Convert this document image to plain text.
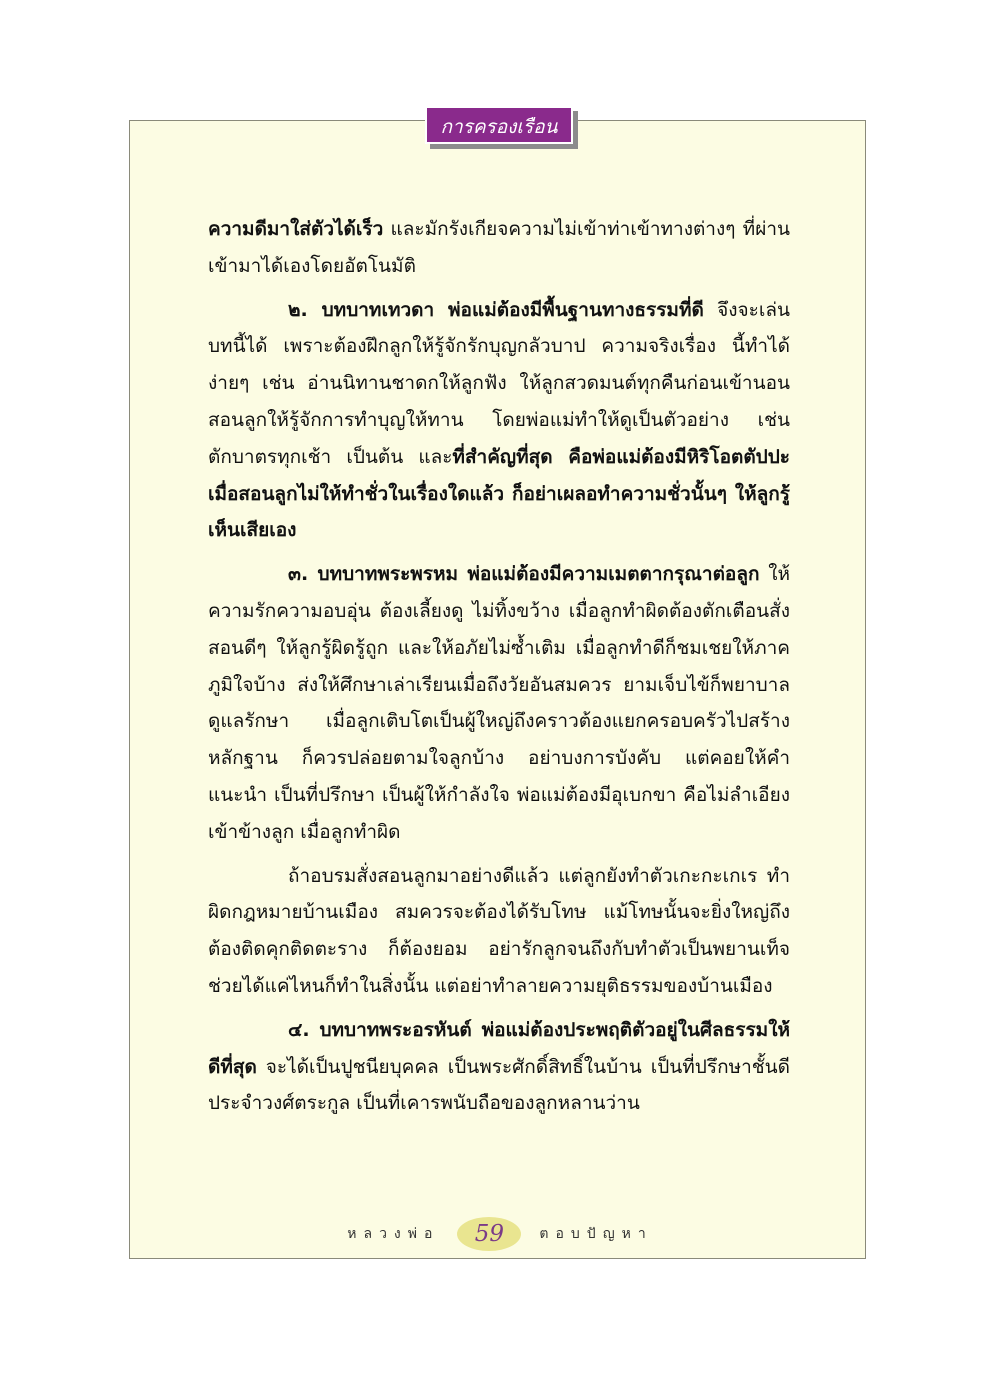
การครองเรือน

ความดีมาใส่ตัวได้เร็ว และมักรังเกียจความไม่เข้าท่าเข้าทางต่างๆ ที่ผ่านเข้ามาได้เองโดยอัตโนมัติ

๒. บทบาทเทวดา พ่อแม่ต้องมีพื้นฐานทางธรรมที่ดี จึงจะเล่นบทนี้ได้ เพราะต้องฝึกลูกให้รู้จักรักบุญกลัวบาป ความจริงเรื่อง นี้ทำได้ง่ายๆ เช่น อ่านนิทานชาดกให้ลูกฟัง ให้ลูกสวดมนต์ทุกคืนก่อนเข้านอน สอนลูกให้รู้จักการทำบุญให้ทาน โดยพ่อแม่ทำให้ดูเป็นตัวอย่าง เช่น ตักบาตรทุกเช้า เป็นต้น และที่สำคัญที่สุด คือพ่อแม่ต้องมีหิริโอตตัปปะ เมื่อสอนลูกไม่ให้ทำชั่วในเรื่องใดแล้ว ก็อย่าเผลอทำความชั่วนั้นๆ ให้ลูกรู้เห็นเสียเอง

๓. บทบาทพระพรหม พ่อแม่ต้องมีความเมตตากรุณาต่อลูก ให้ความรักความอบอุ่น ต้องเลี้ยงดู ไม่ทิ้งขว้าง เมื่อลูกทำผิดต้องตักเตือนสั่งสอนดีๆ ให้ลูกรู้ผิดรู้ถูก และให้อภัยไม่ซ้ำเติม เมื่อลูกทำดีก็ชมเชยให้ภาคภูมิใจบ้าง ส่งให้ศึกษาเล่าเรียนเมื่อถึงวัยอันสมควร ยามเจ็บไข้ก็พยาบาลดูแลรักษา เมื่อลูกเติบโตเป็นผู้ใหญ่ถึงคราวต้องแยกครอบครัวไปสร้างหลักฐาน ก็ควรปล่อยตามใจลูกบ้าง อย่าบงการบังคับ แต่คอยให้คำแนะนำ เป็นที่ปรึกษา เป็นผู้ให้กำลังใจ พ่อแม่ต้องมีอุเบกขา คือไม่ลำเอียงเข้าข้างลูก เมื่อลูกทำผิด

ถ้าอบรมสั่งสอนลูกมาอย่างดีแล้ว แต่ลูกยังทำตัวเกะกะเกเร ทำผิดกฎหมายบ้านเมือง สมควรจะต้องได้รับโทษ แม้โทษนั้นจะยิ่งใหญ่ถึงต้องติดคุกติดตะราง ก็ต้องยอม อย่ารักลูกจนถึงกับทำตัวเป็นพยานเท็จ ช่วยได้แค่ไหนก็ทำในสิ่งนั้น แต่อย่าทำลายความยุติธรรมของบ้านเมือง

๔. บทบาทพระอรหันต์ พ่อแม่ต้องประพฤติตัวอยู่ในศีลธรรมให้ดีที่สุด จะได้เป็นปูชนียบุคคล เป็นพระศักดิ์สิทธิ์ในบ้าน เป็นที่ปรึกษาชั้นดีประจำวงศ์ตระกูล เป็นที่เคารพนับถือของลูกหลานว่าน

หลวงพ่อ 59	ตอบปัญหา
